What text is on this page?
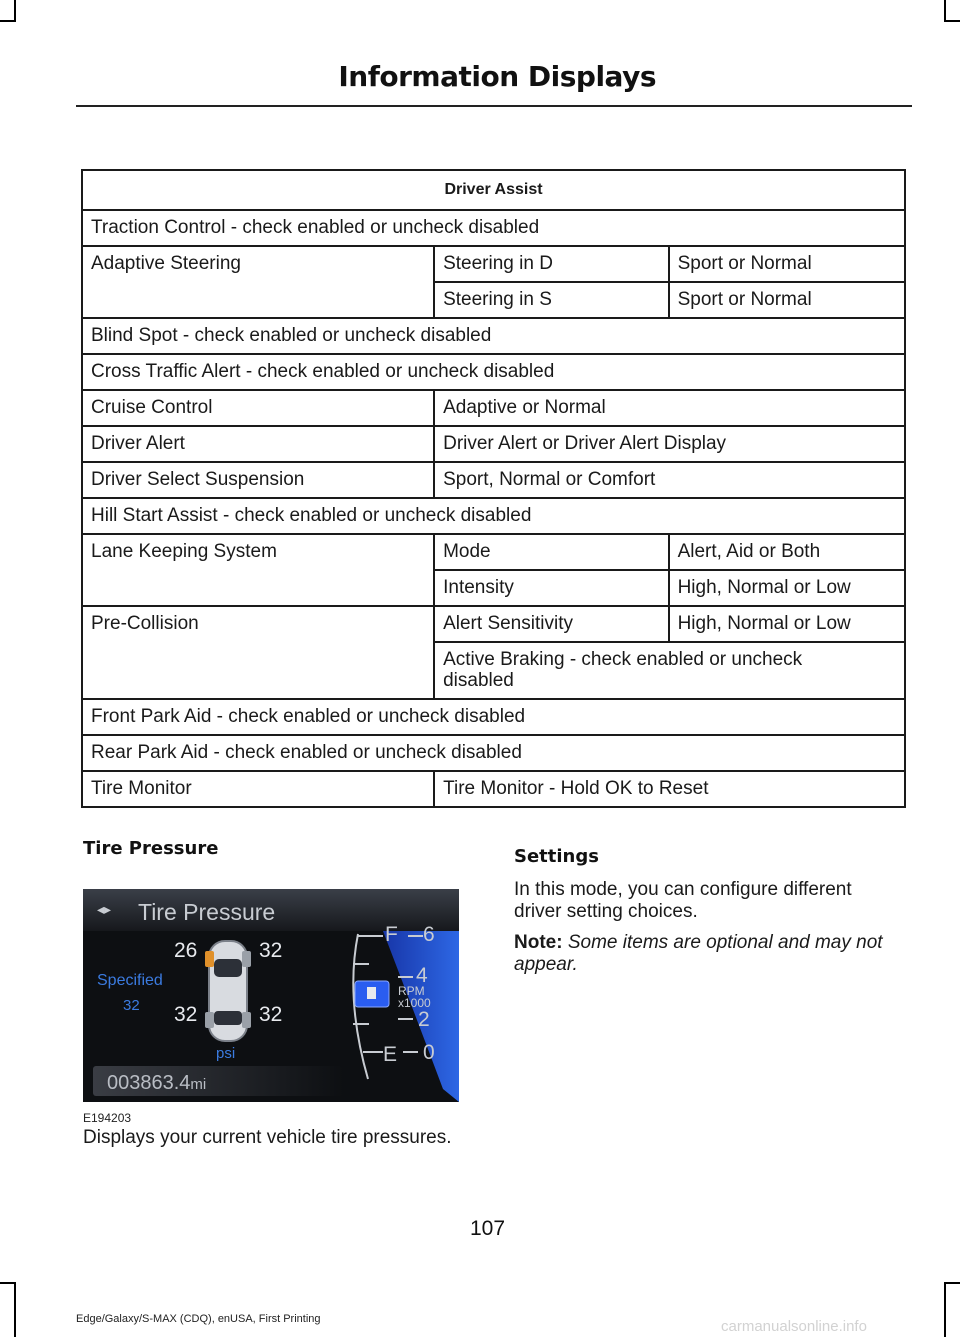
Information Displays
Driver Assist		
Traction Control - check enabled or uncheck disabled		
Adaptive Steering	Steering in D	Sport or Normal
	Steering in S	Sport or Normal
Blind Spot - check enabled or uncheck disabled		
Cross Traffic Alert - check enabled or uncheck disabled		
Cruise Control	Adaptive or Normal	
Driver Alert	Driver Alert or Driver Alert Display	
Driver Select Suspension	Sport, Normal or Comfort	
Hill Start Assist - check enabled or uncheck disabled		
Lane Keeping System	Mode	Alert, Aid or Both
	Intensity	High, Normal or Low
Pre-Collision	Alert Sensitivity	High, Normal or Low
	Active Braking - check enabled or uncheck disabled	
Front Park Aid - check enabled or uncheck disabled		
Rear Park Aid - check enabled or uncheck disabled		
Tire Monitor	Tire Monitor - Hold OK to Reset	
Tire Pressure
◂▸ Tire Pressure
26	32
32	32
Specified
32
psi
003863.4mi
F
E
6
4
2
0
RPM
x1000
E194203
Displays your current vehicle tire pressures.
Settings
In this mode, you can configure different driver setting choices.
Note: Some items are optional and may not appear.
107
Edge/Galaxy/S-MAX (CDQ), enUSA, First Printing	carmanualsonline.info
